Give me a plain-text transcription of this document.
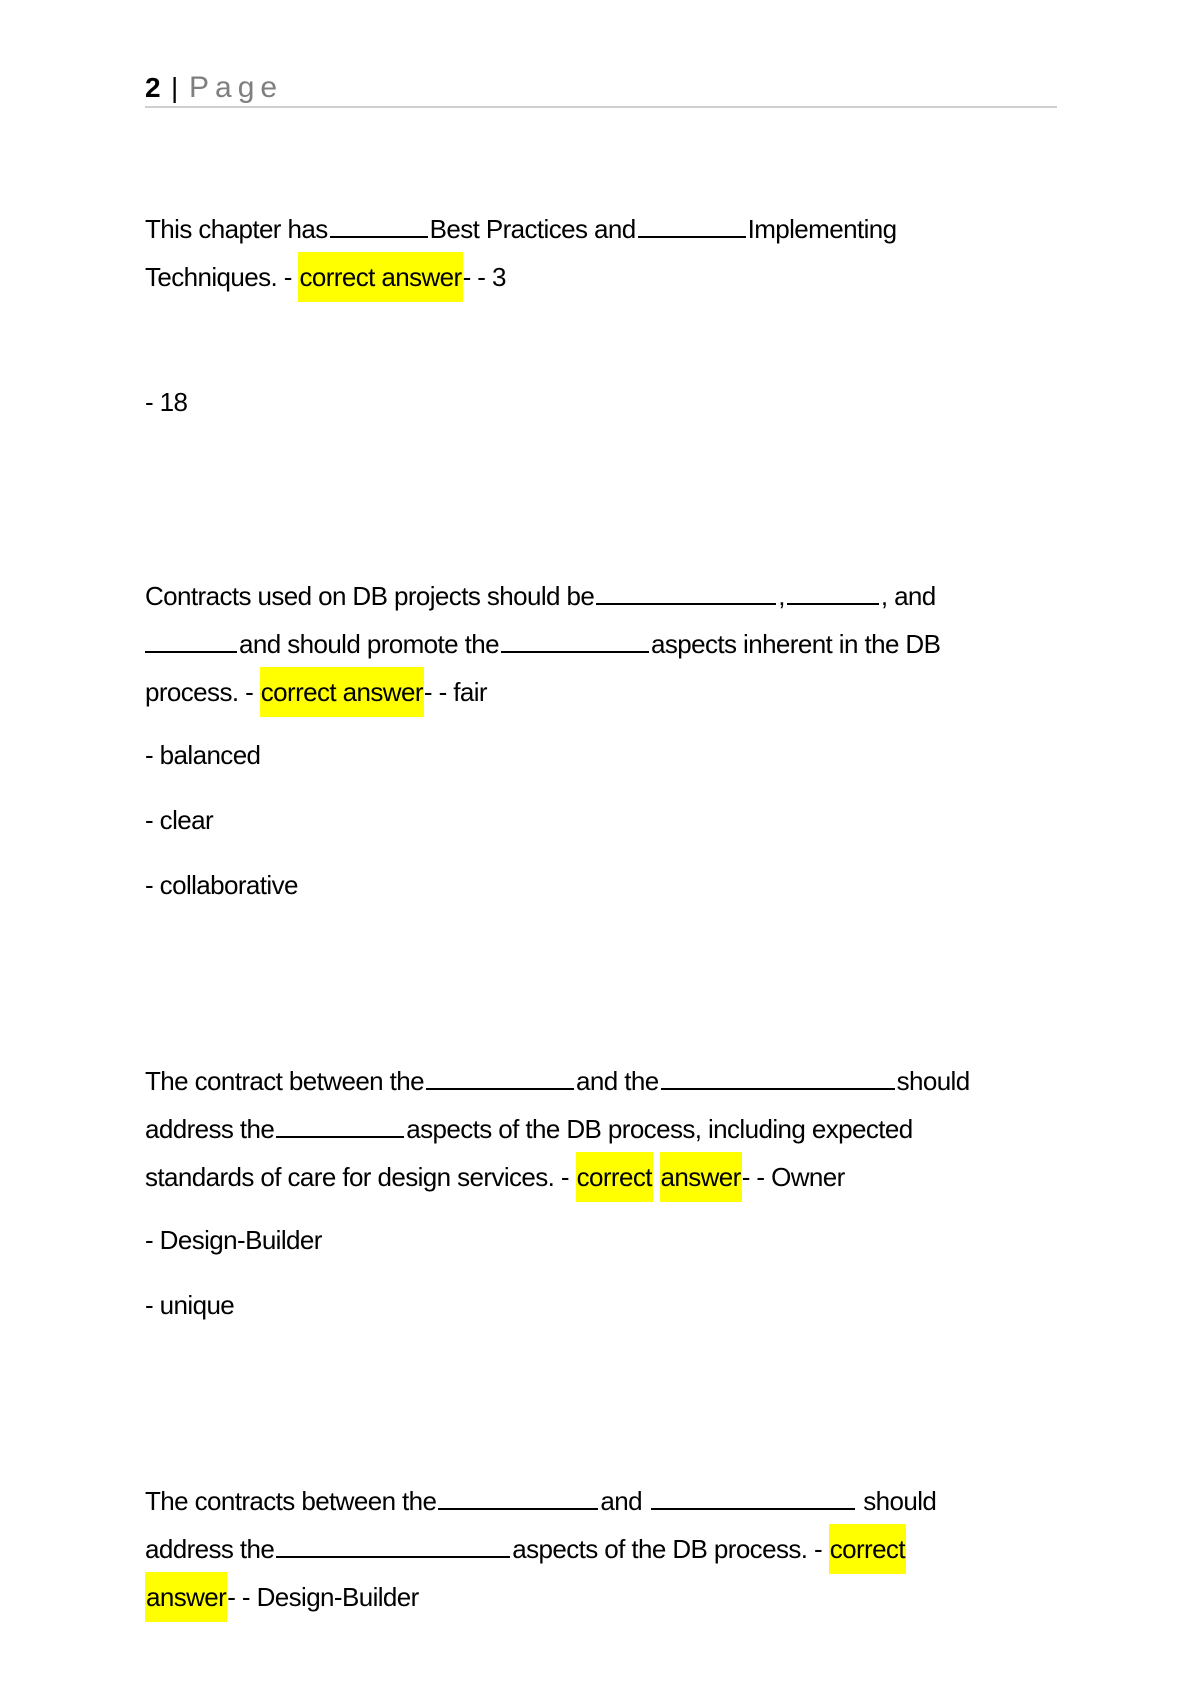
2 | Page
This chapter has	Best Practices and	Implementing
Techniques. - correct answer- - 3
- 18
Contracts used on DB projects should be	,	, and
and should promote the	aspects inherent in the DB
process. - correct answer- - fair
- balanced
- clear
- collaborative
The contract between the	and the	should
address the	aspects of the DB process, including expected
standards of care for design services. - correct answer- - Owner
- Design-Builder
- unique
The contracts between the	and	should
address the	aspects of the DB process. - correct
answer- - Design-Builder
